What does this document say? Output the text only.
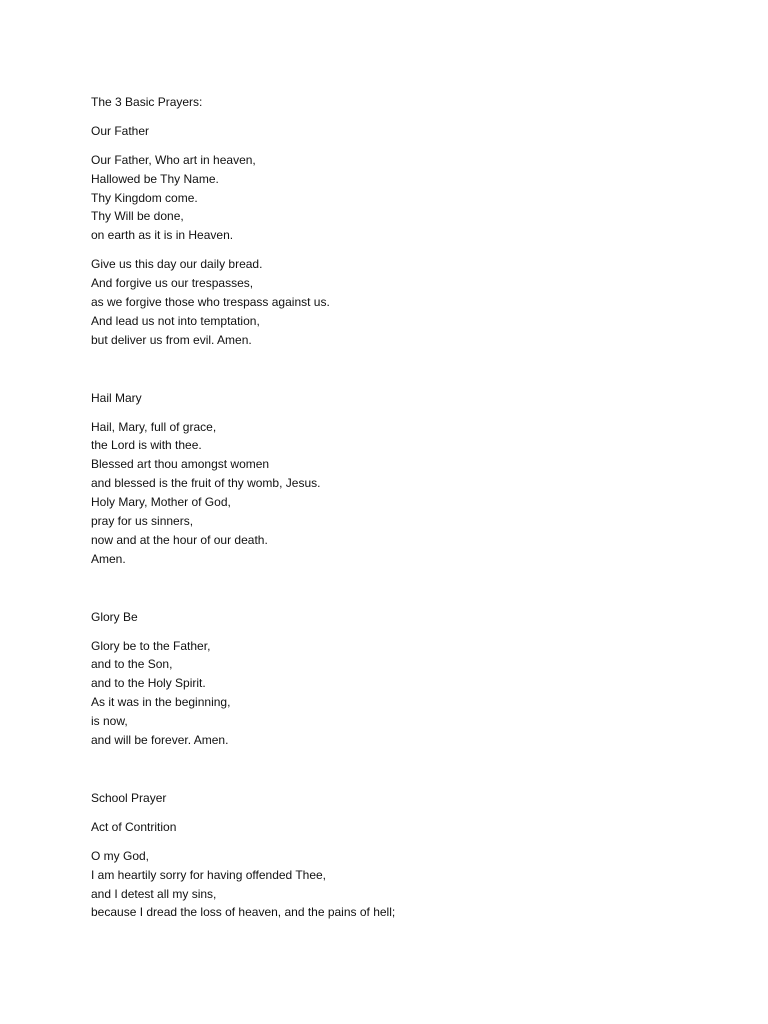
The 3 Basic Prayers:
Our Father
Our Father, Who art in heaven,
Hallowed be Thy Name.
Thy Kingdom come.
Thy Will be done,
on earth as it is in Heaven.
Give us this day our daily bread.
And forgive us our trespasses,
as we forgive those who trespass against us.
And lead us not into temptation,
but deliver us from evil. Amen.
Hail Mary
Hail, Mary, full of grace,
the Lord is with thee.
Blessed art thou amongst women
and blessed is the fruit of thy womb, Jesus.
Holy Mary, Mother of God,
pray for us sinners,
now and at the hour of our death.
Amen.
Glory Be
Glory be to the Father,
and to the Son,
and to the Holy Spirit.
As it was in the beginning,
is now,
and will be forever. Amen.
School Prayer
Act of Contrition
O my God,
I am heartily sorry for having offended Thee,
and I detest all my sins,
because I dread the loss of heaven, and the pains of hell;
